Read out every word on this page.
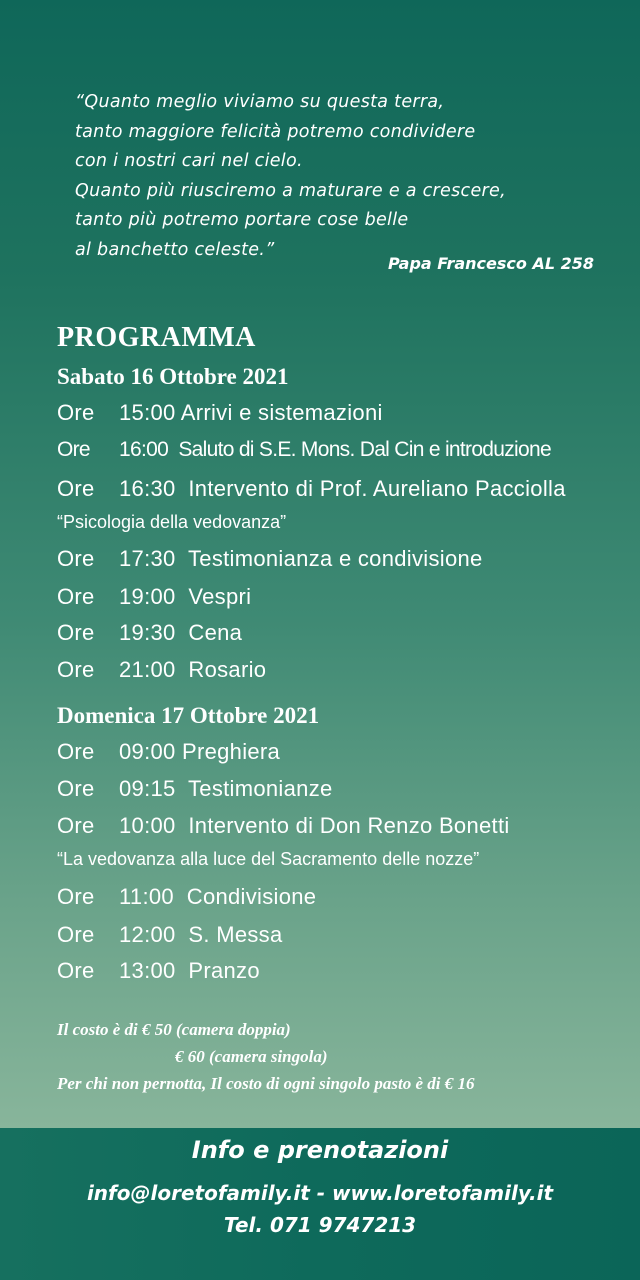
“Quanto meglio viviamo su questa terra,
tanto maggiore felicità potremo condividere
con i nostri cari nel cielo.
Quanto più riusciremo a maturare e a crescere,
tanto più potremo portare cose belle
al banchetto celeste.”
Papa Francesco AL 258
PROGRAMMA
Sabato 16 Ottobre 2021
Ore 15:00 Arrivi e sistemazioni
Ore 16:00 Saluto di S.E. Mons. Dal Cin e introduzione
Ore 16:30 Intervento di Prof. Aureliano Pacciolla
“Psicologia della vedovanza”
Ore 17:30 Testimonianza e condivisione
Ore 19:00 Vespri
Ore 19:30 Cena
Ore 21:00 Rosario
Domenica 17 Ottobre 2021
Ore 09:00 Preghiera
Ore 09:15 Testimonianze
Ore 10:00 Intervento di Don Renzo Bonetti
“La vedovanza alla luce del Sacramento delle nozze”
Ore 11:00 Condivisione
Ore 12:00 S. Messa
Ore 13:00 Pranzo
Il costo è di € 50 (camera doppia)
€ 60 (camera singola)
Per chi non pernotta, Il costo di ogni singolo pasto è di € 16
Info e prenotazioni
info@loretofamily.it - www.loretofamily.it
Tel. 071 9747213
